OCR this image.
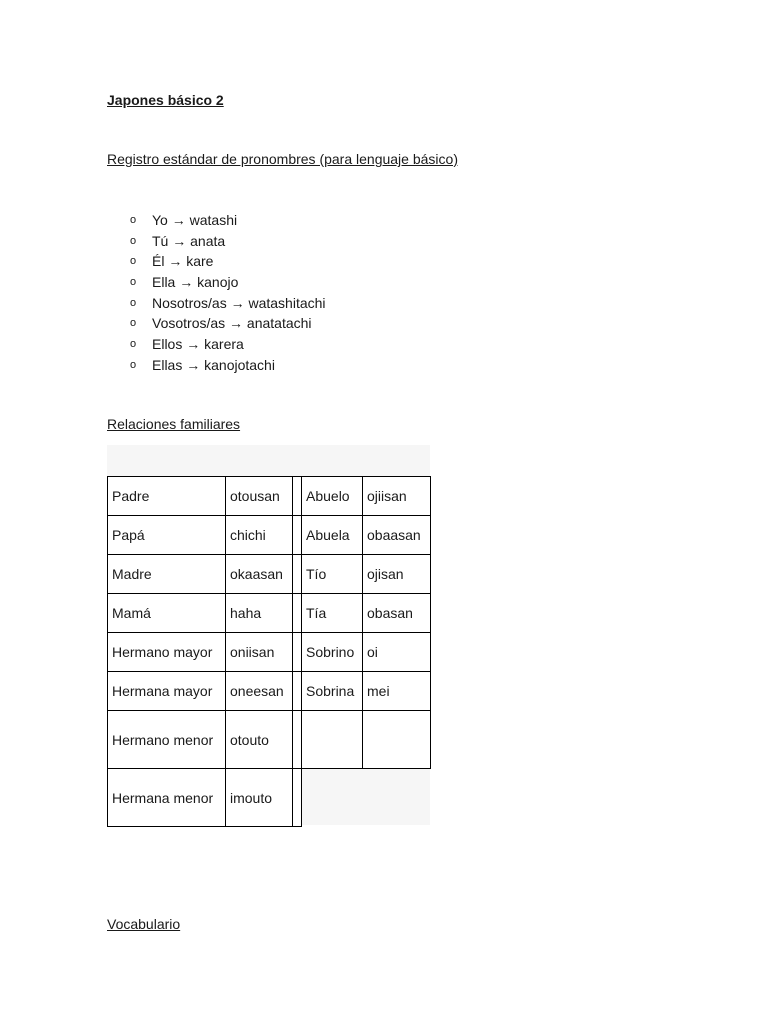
Japones básico 2
Registro estándar de pronombres (para lenguaje básico)
o Yo → watashi
o Tú → anata
o Él → kare
o Ella → kanojo
o Nosotros/as → watashitachi
o Vosotros/as → anatatachi
o Ellos → karera
o Ellas → kanojotachi
Relaciones familiares
Padre	otousan		Abuelo	ojiisan
Papá	chichi		Abuela	obaasan
Madre	okaasan		Tío	ojisan
Mamá	haha		Tía	obasan
Hermano mayor	oniisan		Sobrino	oi
Hermana mayor	oneesan		Sobrina	mei
Hermano menor	otouto			
Hermana menor	imouto			
Vocabulario
